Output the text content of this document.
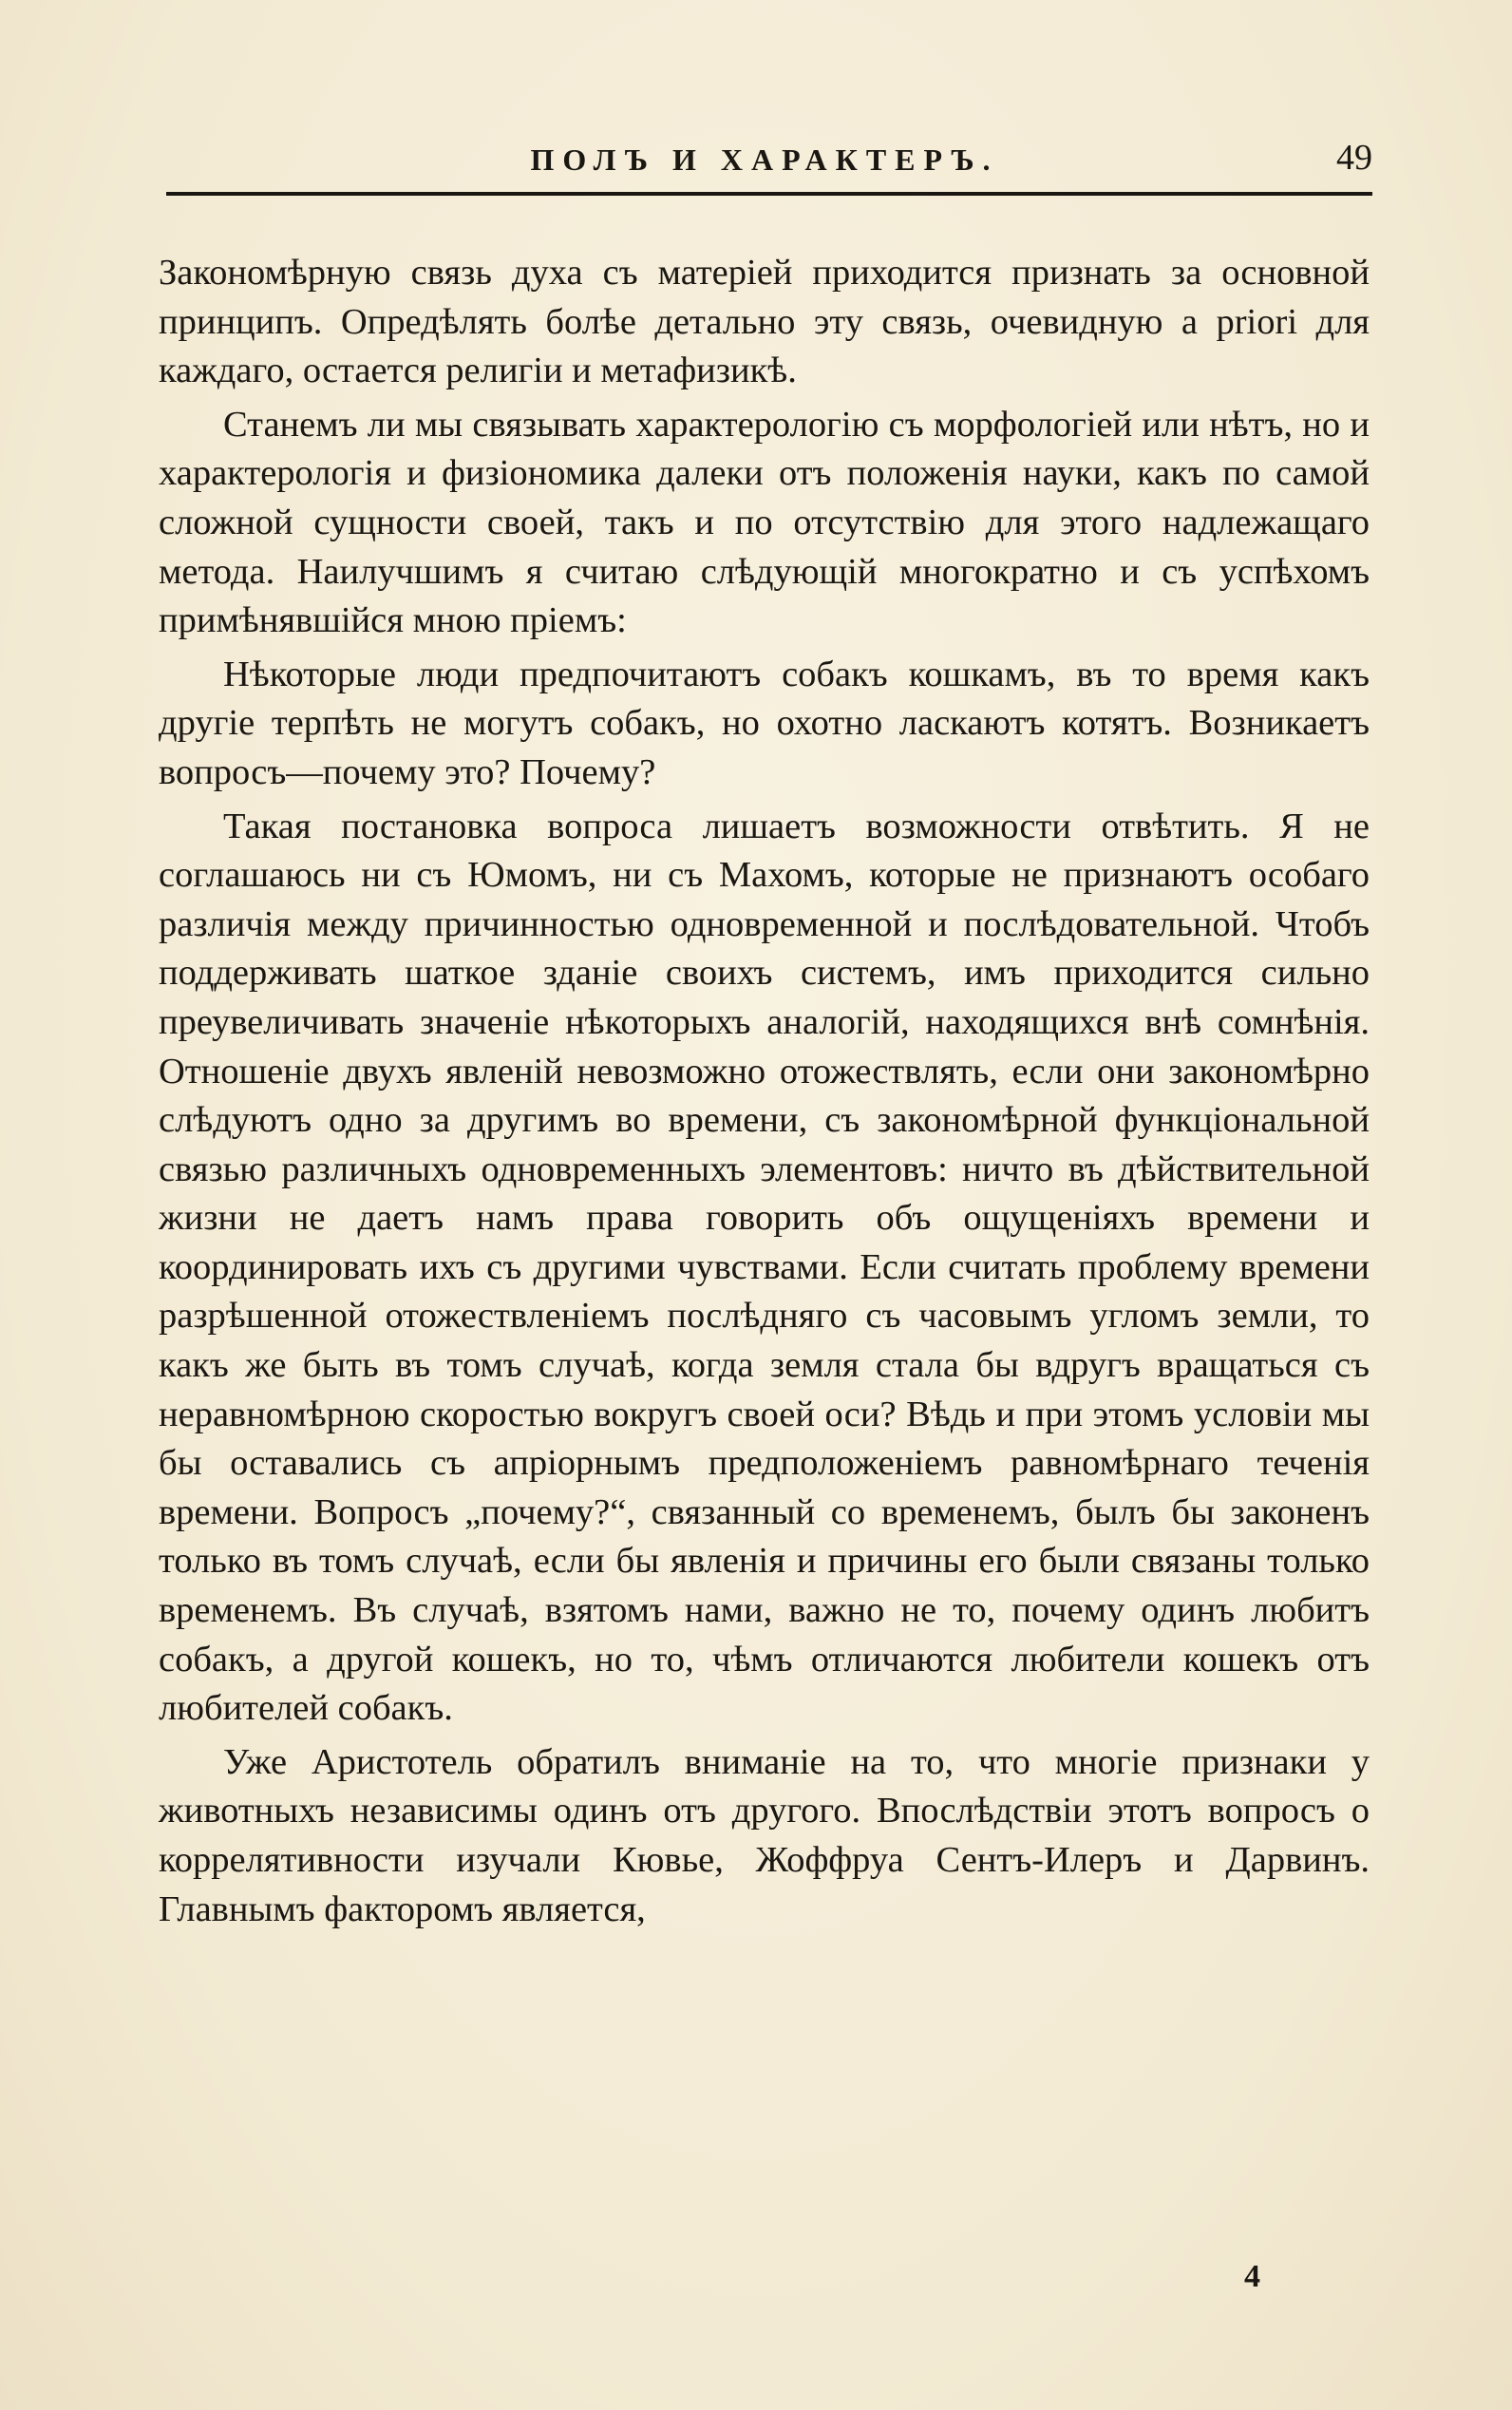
ПОЛЪ И ХАРАКТЕРЪ.	49

Закономѣрную связь духа съ матеріей приходится признать за основной принципъ. Опредѣлять болѣе детально эту связь, очевидную а priori для каждаго, остается религіи и метафизикѣ.

Станемъ ли мы связывать характерологію съ морфологіей или нѣтъ, но и характерологія и физіономика далеки отъ положенія науки, какъ по самой сложной сущности своей, такъ и по отсутствію для этого надлежащаго метода. Наилучшимъ я считаю слѣдующій многократно и съ успѣхомъ примѣнявшійся мною пріемъ:

Нѣкоторые люди предпочитаютъ собакъ кошкамъ, въ то время какъ другіе терпѣть не могутъ собакъ, но охотно ласкаютъ котятъ. Возникаетъ вопросъ—почему это? Почему?

Такая постановка вопроса лишаетъ возможности отвѣтить. Я не соглашаюсь ни съ Юмомъ, ни съ Махомъ, которые не признаютъ особаго различія между причинностью одновременной и послѣдовательной. Чтобъ поддерживать шаткое зданіе своихъ системъ, имъ приходится сильно преувеличивать значеніе нѣкоторыхъ аналогій, находящихся внѣ сомнѣнія. Отношеніе двухъ явленій невозможно отожествлять, если они закономѣрно слѣдуютъ одно за другимъ во времени, съ закономѣрной функціональной связью различныхъ одновременныхъ элементовъ: ничто въ дѣйствительной жизни не даетъ намъ права говорить объ ощущеніяхъ времени и координировать ихъ съ другими чувствами. Если считать проблему времени разрѣшенной отожествленіемъ послѣдняго съ часовымъ угломъ земли, то какъ же быть въ томъ случаѣ, когда земля стала бы вдругъ вращаться съ неравномѣрною скоростью вокругъ своей оси? Вѣдь и при этомъ условіи мы бы оставались съ апріорнымъ предположеніемъ равномѣрнаго теченія времени. Вопросъ „почему?“, связанный со временемъ, былъ бы законенъ только въ томъ случаѣ, если бы явленія и причины его были связаны только временемъ. Въ случаѣ, взятомъ нами, важно не то, почему одинъ любитъ собакъ, а другой кошекъ, но то, чѣмъ отличаются любители кошекъ отъ любителей собакъ.

Уже Аристотель обратилъ вниманіе на то, что многіе признаки у животныхъ независимы одинъ отъ другого. Впослѣдствіи этотъ вопросъ о коррелятивности изучали Кювье, Жоффруа Сентъ-Илеръ и Дарвинъ. Главнымъ факторомъ является,

4
